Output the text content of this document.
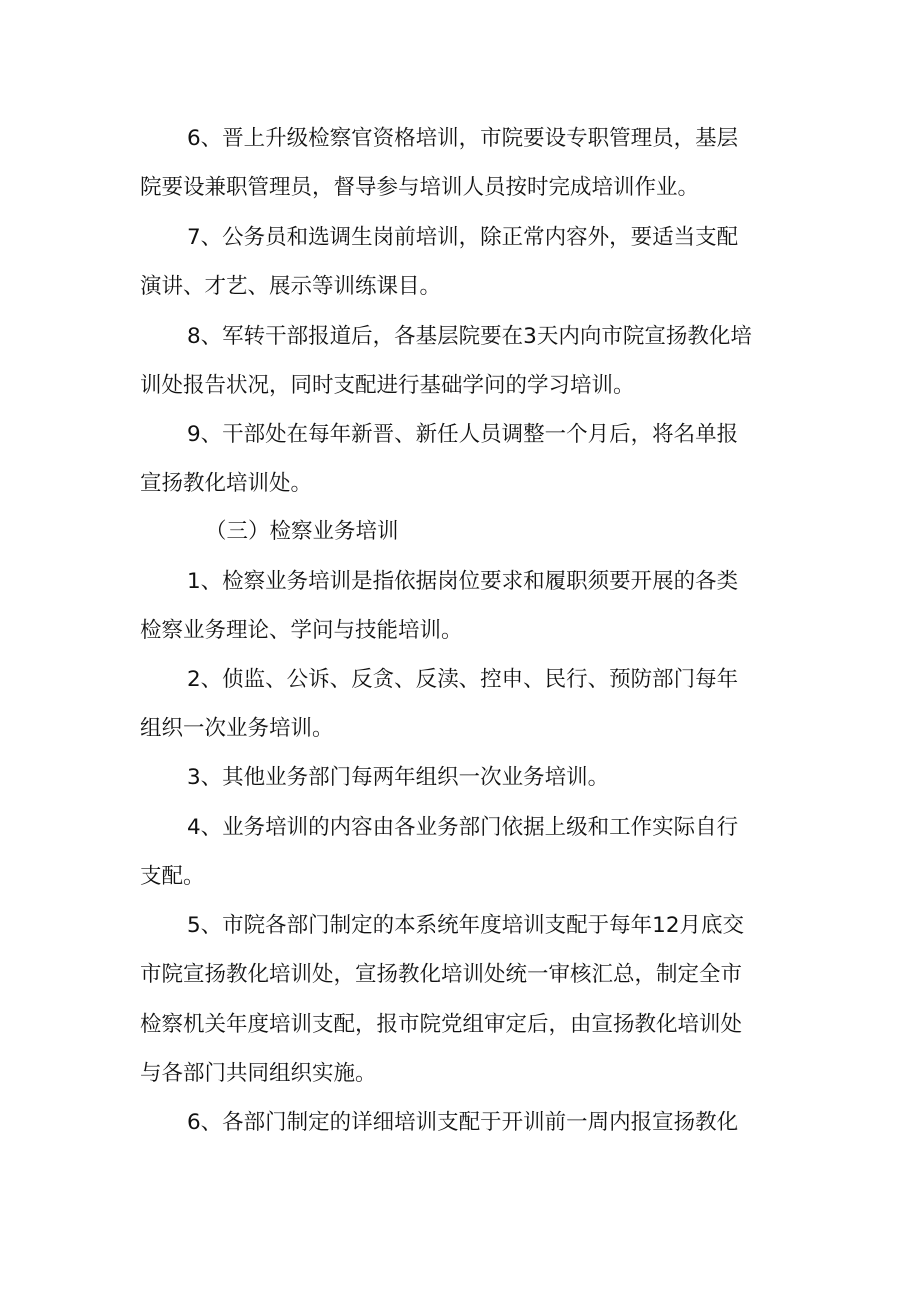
6、晋上升级检察官资格培训，市院要设专职管理员，基层

院要设兼职管理员，督导参与培训人员按时完成培训作业。

7、公务员和选调生岗前培训，除正常内容外，要适当支配

演讲、才艺、展示等训练课目。

8、军转干部报道后，各基层院要在3天内向市院宣扬教化培

训处报告状况，同时支配进行基础学问的学习培训。

9、干部处在每年新晋、新任人员调整一个月后，将名单报

宣扬教化培训处。

（三）检察业务培训

1、检察业务培训是指依据岗位要求和履职须要开展的各类

检察业务理论、学问与技能培训。

2、侦监、公诉、反贪、反渎、控申、民行、预防部门每年

组织一次业务培训。

3、其他业务部门每两年组织一次业务培训。

4、业务培训的内容由各业务部门依据上级和工作实际自行

支配。

5、市院各部门制定的本系统年度培训支配于每年12月底交

市院宣扬教化培训处，宣扬教化培训处统一审核汇总，制定全市

检察机关年度培训支配，报市院党组审定后，由宣扬教化培训处

与各部门共同组织实施。

6、各部门制定的详细培训支配于开训前一周内报宣扬教化
